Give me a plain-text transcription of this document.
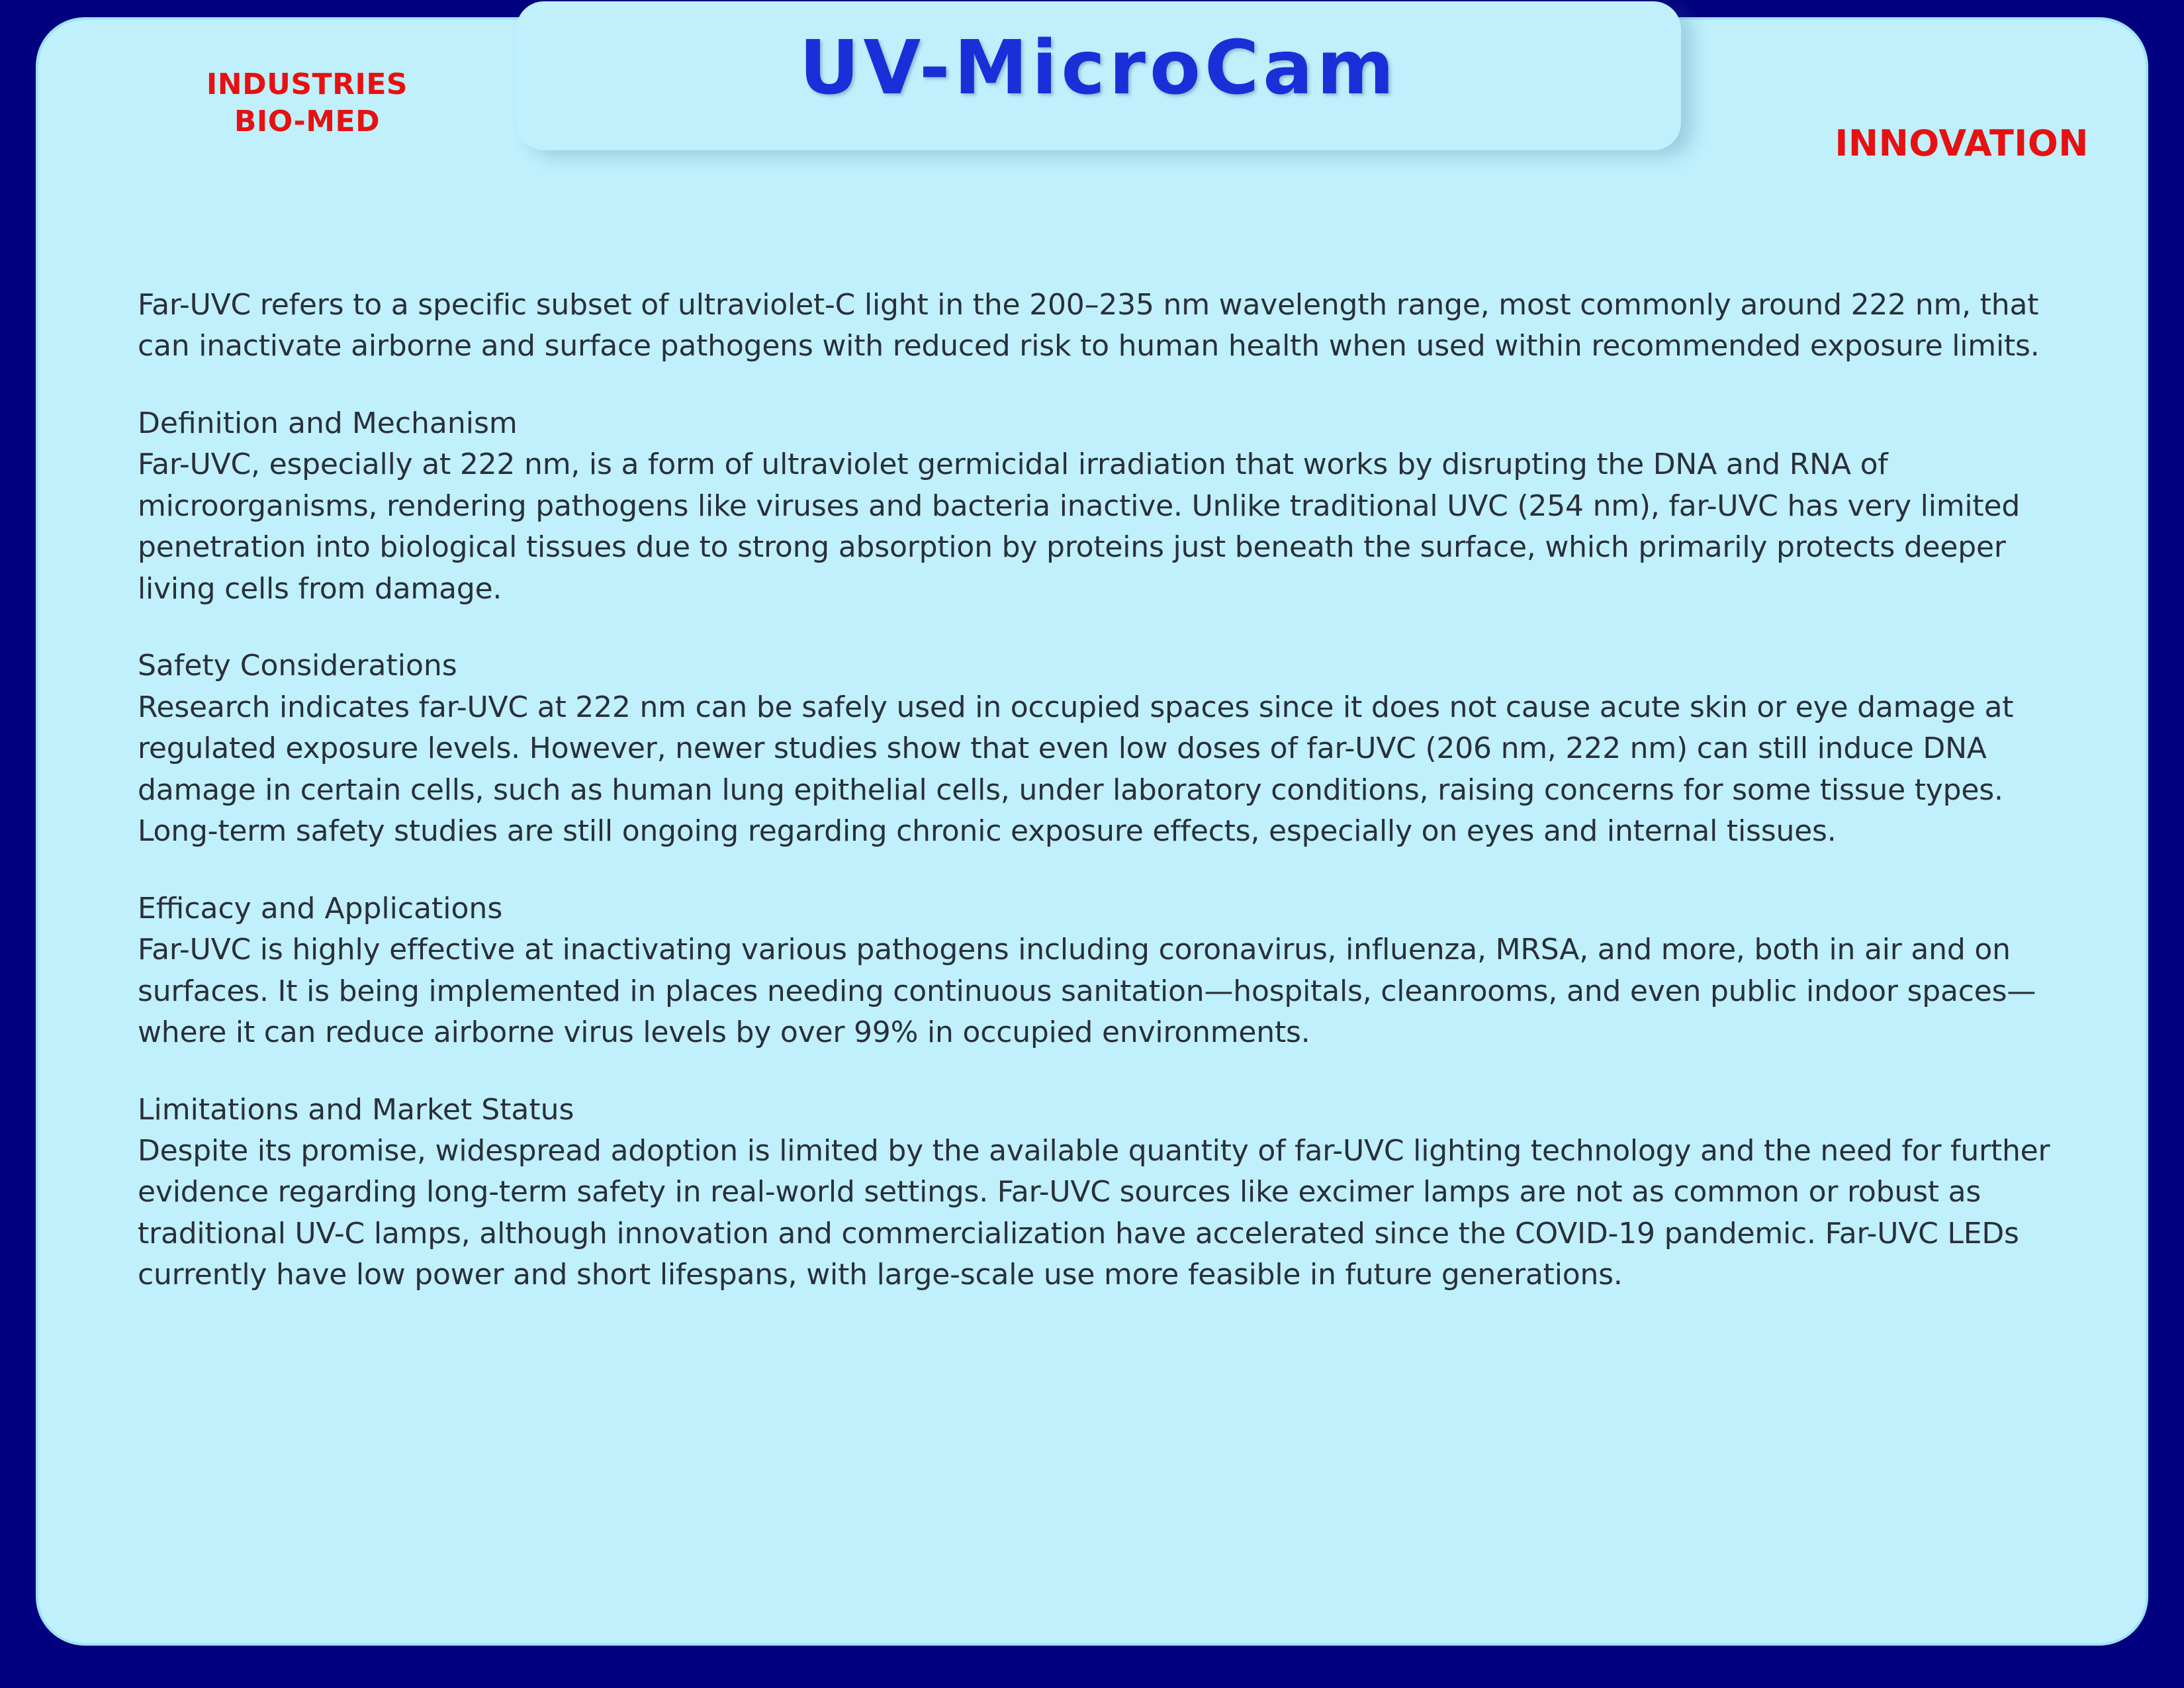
INDUSTRIES
BIO-MED
UV-MicroCam
INNOVATION

Far-UVC refers to a specific subset of ultraviolet-C light in the 200–235 nm wavelength range, most commonly around 222 nm, that can inactivate airborne and surface pathogens with reduced risk to human health when used within recommended exposure limits.

Definition and Mechanism

Far-UVC, especially at 222 nm, is a form of ultraviolet germicidal irradiation that works by disrupting the DNA and RNA of microorganisms, rendering pathogens like viruses and bacteria inactive. Unlike traditional UVC (254 nm), far-UVC has very limited penetration into biological tissues due to strong absorption by proteins just beneath the surface, which primarily protects deeper living cells from damage.

Safety Considerations

Research indicates far-UVC at 222 nm can be safely used in occupied spaces since it does not cause acute skin or eye damage at regulated exposure levels. However, newer studies show that even low doses of far-UVC (206 nm, 222 nm) can still induce DNA damage in certain cells, such as human lung epithelial cells, under laboratory conditions, raising concerns for some tissue types. Long-term safety studies are still ongoing regarding chronic exposure effects, especially on eyes and internal tissues.

Efficacy and Applications

Far-UVC is highly effective at inactivating various pathogens including coronavirus, influenza, MRSA, and more, both in air and on surfaces. It is being implemented in places needing continuous sanitation—hospitals, cleanrooms, and even public indoor spaces—where it can reduce airborne virus levels by over 99% in occupied environments.

Limitations and Market Status

Despite its promise, widespread adoption is limited by the available quantity of far-UVC lighting technology and the need for further evidence regarding long-term safety in real-world settings. Far-UVC sources like excimer lamps are not as common or robust as traditional UV-C lamps, although innovation and commercialization have accelerated since the COVID-19 pandemic. Far-UVC LEDs currently have low power and short lifespans, with large-scale use more feasible in future generations.
